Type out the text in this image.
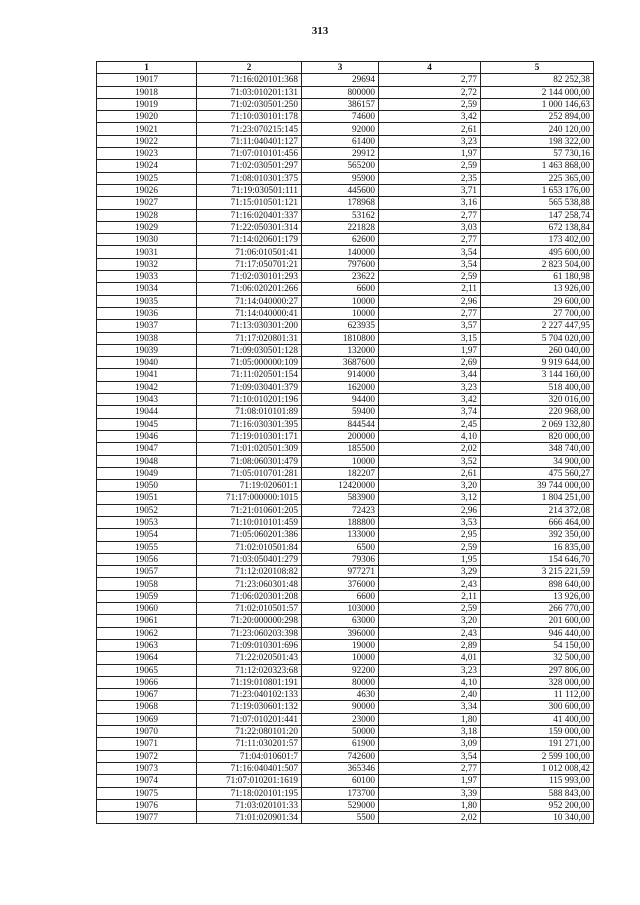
313
1	2	3	4	5
19017	71:16:020101:368	29694	2,77	82 252,38
19018	71:03:010201:131	800000	2,72	2 144 000,00
19019	71:02:030501:250	386157	2,59	1 000 146,63
19020	71:10:030101:178	74600	3,42	252 894,00
19021	71:23:070215:145	92000	2,61	240 120,00
19022	71:11:040401:127	61400	3,23	198 322,00
19023	71:07:010101:456	29912	1,97	57 730,16
19024	71:02:030501:297	565200	2,59	1 463 868,00
19025	71:08:010301:375	95900	2,35	225 365,00
19026	71:19:030501:111	445600	3,71	1 653 176,00
19027	71:15:010501:121	178968	3,16	565 538,88
19028	71:16:020401:337	53162	2,77	147 258,74
19029	71:22:050301:314	221828	3,03	672 138,84
19030	71:14:020601:179	62600	2,77	173 402,00
19031	71:06:010501:41	140000	3,54	495 600,00
19032	71:17:050701:21	797600	3,54	2 823 504,00
19033	71:02:030101:293	23622	2,59	61 180,98
19034	71:06:020201:266	6600	2,11	13 926,00
19035	71:14:040000:27	10000	2,96	29 600,00
19036	71:14:040000:41	10000	2,77	27 700,00
19037	71:13:030301:200	623935	3,57	2 227 447,95
19038	71:17:020801:31	1810800	3,15	5 704 020,00
19039	71:09:030501:128	132000	1,97	260 040,00
19040	71:05:000000:109	3687600	2,69	9 919 644,00
19041	71:11:020501:154	914000	3,44	3 144 160,00
19042	71:09:030401:379	162000	3,23	518 400,00
19043	71:10:010201:196	94400	3,42	320 016,00
19044	71:08:010101:89	59400	3,74	220 968,00
19045	71:16:030301:395	844544	2,45	2 069 132,80
19046	71:19:010301:171	200000	4,10	820 000,00
19047	71:01:020501:309	185500	2,02	348 740,00
19048	71:08:060301:479	10000	3,52	34 900,00
19049	71:05:010701:281	182207	2,61	475 560,27
19050	71:19:020601:1	12420000	3,20	39 744 000,00
19051	71:17:000000:1015	583900	3,12	1 804 251,00
19052	71:21:010601:205	72423	2,96	214 372,08
19053	71:10:010101:459	188800	3,53	666 464,00
19054	71:05:060201:386	133000	2,95	392 350,00
19055	71:02:010501:84	6500	2,59	16 835,00
19056	71:03:050401:279	79306	1,95	154 646,70
19057	71:12:020108:82	977271	3,29	3 215 221,59
19058	71:23:060301:48	376000	2,43	898 640,00
19059	71:06:020301:208	6600	2,11	13 926,00
19060	71:02:010501:57	103000	2,59	266 770,00
19061	71:20:000000:298	63000	3,20	201 600,00
19062	71:23:060203:398	396000	2,43	946 440,00
19063	71:09:010301:696	19000	2,89	54 150,00
19064	71:22:020501:43	10000	4,01	32 500,00
19065	71:12:020323:68	92200	3,23	297 806,00
19066	71:19:010801:191	80000	4,10	328 000,00
19067	71:23:040102:133	4630	2,40	11 112,00
19068	71:19:030601:132	90000	3,34	300 600,00
19069	71:07:010201:441	23000	1,80	41 400,00
19070	71:22:080101:20	50000	3,18	159 000,00
19071	71:11:030201:57	61900	3,09	191 271,00
19072	71:04:010601:7	742600	3,54	2 599 100,00
19073	71:16:040401:507	365346	2,77	1 012 008,42
19074	71:07:010201:1619	60100	1,97	115 993,00
19075	71:18:020101:195	173700	3,39	588 843,00
19076	71:03:020101:33	529000	1,80	952 200,00
19077	71:01:020901:34	5500	2,02	10 340,00
